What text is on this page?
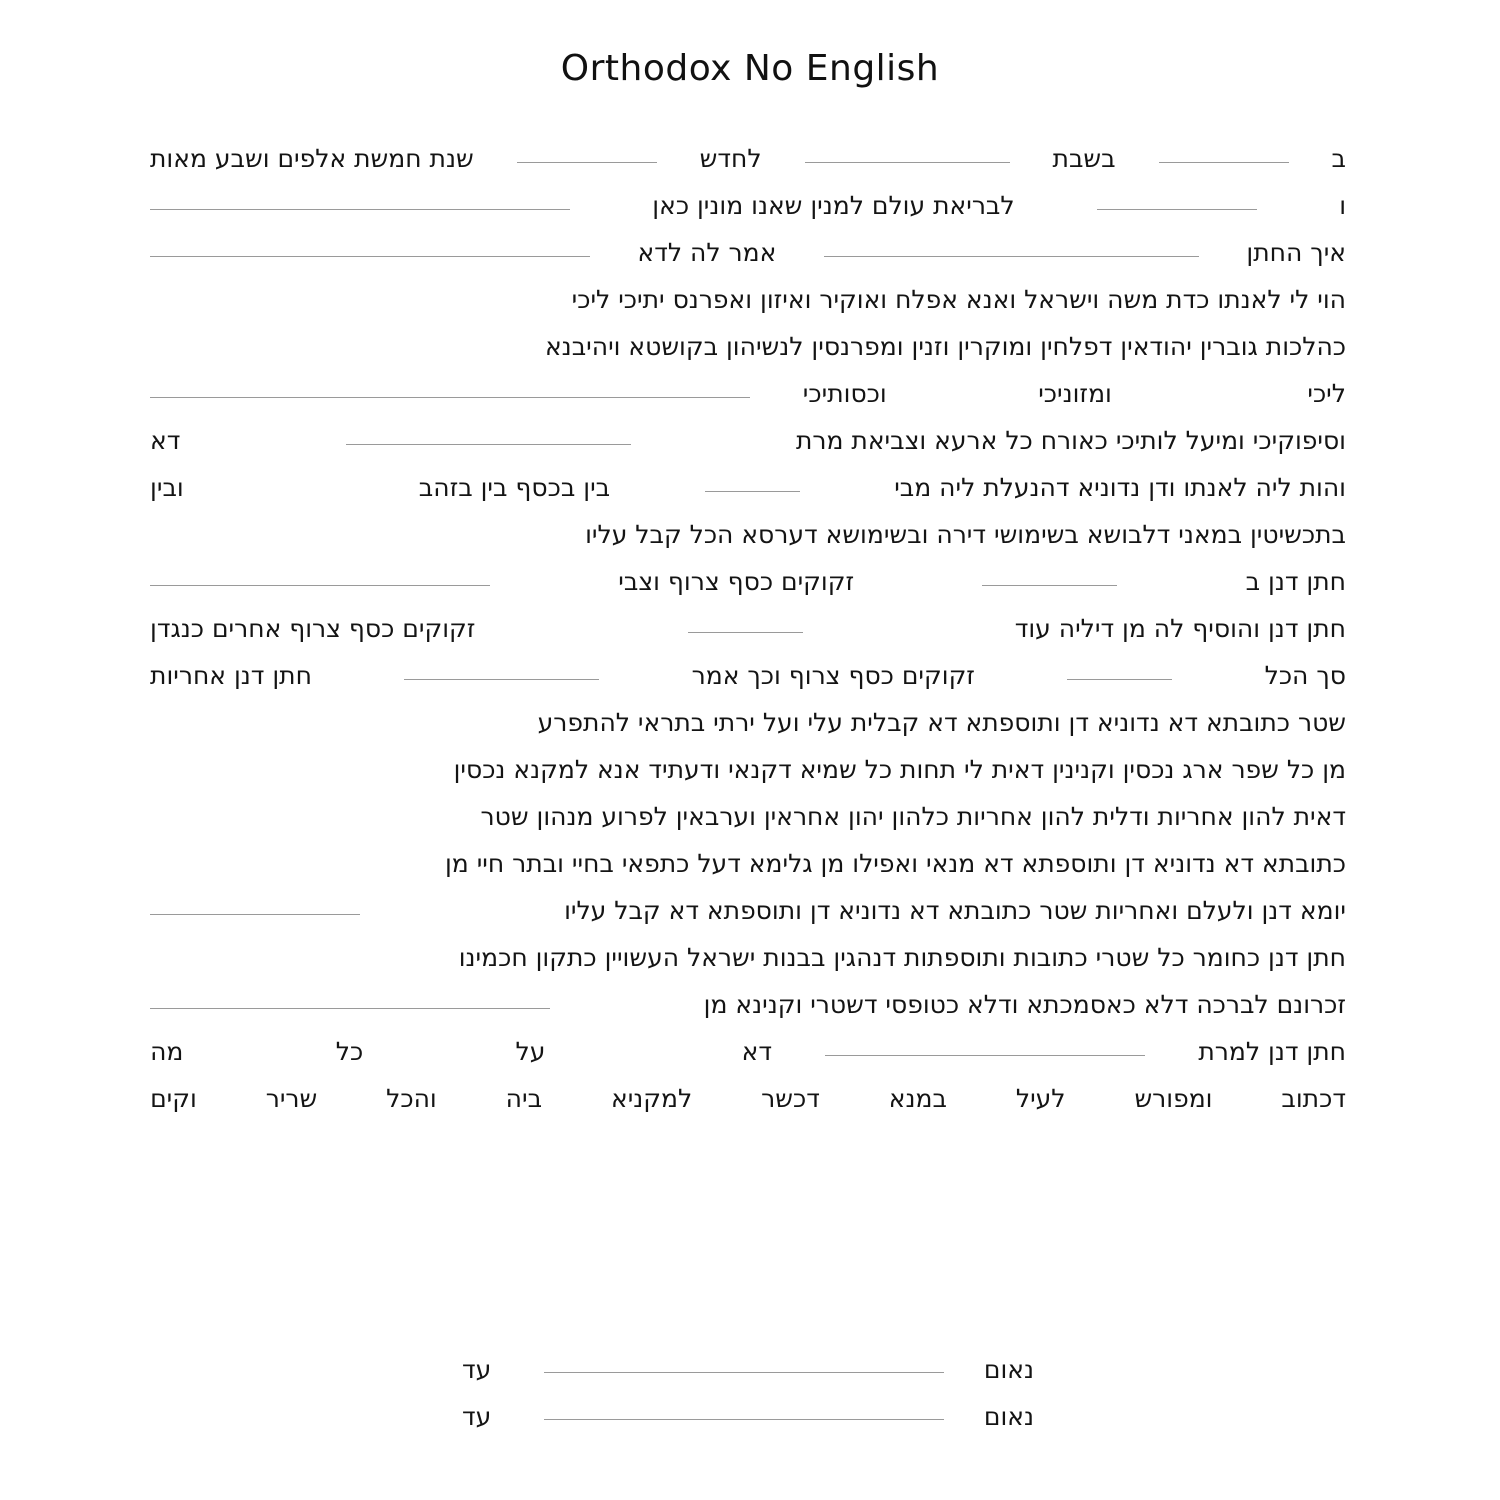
Orthodox No English
ב
בשבת
לחדש
שנת חמשת אלפים ושבע מאות
ו
לבריאת עולם למנין שאנו מונין כאן
איך החתן
אמר לה לדא
הוי לי לאנתו כדת משה וישראל ואנא אפלח ואוקיר ואיזון ואפרנס יתיכי ליכי
כהלכות גוברין יהודאין דפלחין ומוקרין וזנין ומפרנסין לנשיהון בקושטא ויהיבנא
ליכי
ומזוניכי
וכסותיכי
וסיפוקיכי ומיעל לותיכי כאורח כל ארעא וצביאת מרת
דא
והות ליה לאנתו ודן נדוניא דהנעלת ליה מבי
בין בכסף בין בזהב
ובין
בתכשיטין במאני דלבושא בשימושי דירה ובשימושא דערסא הכל קבל עליו
חתן דנן ב
זקוקים כסף צרוף וצבי
חתן דנן והוסיף לה מן דיליה עוד
זקוקים כסף צרוף אחרים כנגדן
סך הכל
זקוקים כסף צרוף וכך אמר
חתן דנן אחריות
שטר כתובתא דא נדוניא דן ותוספתא דא קבלית עלי ועל ירתי בתראי להתפרע
מן כל שפר ארג נכסין וקנינין דאית לי תחות כל שמיא דקנאי ודעתיד אנא למקנא נכסין
דאית להון אחריות ודלית להון אחריות כלהון יהון אחראין וערבאין לפרוע מנהון שטר
כתובתא דא נדוניא דן ותוספתא דא מנאי ואפילו מן גלימא דעל כתפאי בחיי ובתר חיי מן
יומא דנן ולעלם ואחריות שטר כתובתא דא נדוניא דן ותוספתא דא קבל עליו
חתן דנן כחומר כל שטרי כתובות ותוספתות דנהגין בבנות ישראל העשויין כתקון חכמינו
זכרונם לברכה דלא כאסמכתא ודלא כטופסי דשטרי וקנינא מן
חתן דנן למרת
דא
על
כל
מה
דכתוב
ומפורש
לעיל
במנא
דכשר
למקניא
ביה
והכל
שריר
וקים
נאום
עד
נאום
עד
